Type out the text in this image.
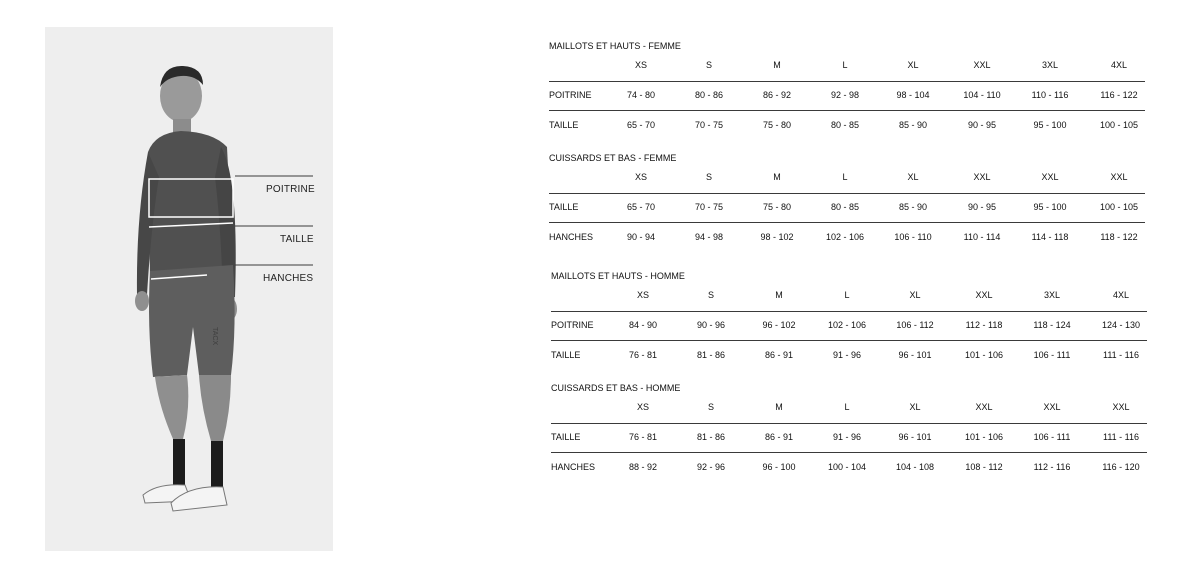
TACX
POITRINE
TAILLE
HANCHES
MAILLOTS ET HAUTS - FEMME
XS	S	M	L	XL	XXL	3XL	4XL
POITRINE	74 - 80	80 - 86	86 - 92	92 - 98	98 - 104	104 - 110	110 - 116	116 - 122
TAILLE	65 - 70	70 - 75	75 - 80	80 - 85	85 - 90	90 - 95	95 - 100	100 - 105
CUISSARDS ET BAS - FEMME
XS	S	M	L	XL	XXL	XXL	XXL
TAILLE	65 - 70	70 - 75	75 - 80	80 - 85	85 - 90	90 - 95	95 - 100	100 - 105
HANCHES	90 - 94	94 - 98	98 - 102	102 - 106	106 - 110	110 - 114	114 - 118	118 - 122
MAILLOTS ET HAUTS - HOMME
XS	S	M	L	XL	XXL	3XL	4XL
POITRINE	84 - 90	90 - 96	96 - 102	102 - 106	106 - 112	112 - 118	118 - 124	124 - 130
TAILLE	76 - 81	81 - 86	86 - 91	91 - 96	96 - 101	101 - 106	106 - 111	111 - 116
CUISSARDS ET BAS - HOMME
XS	S	M	L	XL	XXL	XXL	XXL
TAILLE	76 - 81	81 - 86	86 - 91	91 - 96	96 - 101	101 - 106	106 - 111	111 - 116
HANCHES	88 - 92	92 - 96	96 - 100	100 - 104	104 - 108	108 - 112	112 - 116	116 - 120
